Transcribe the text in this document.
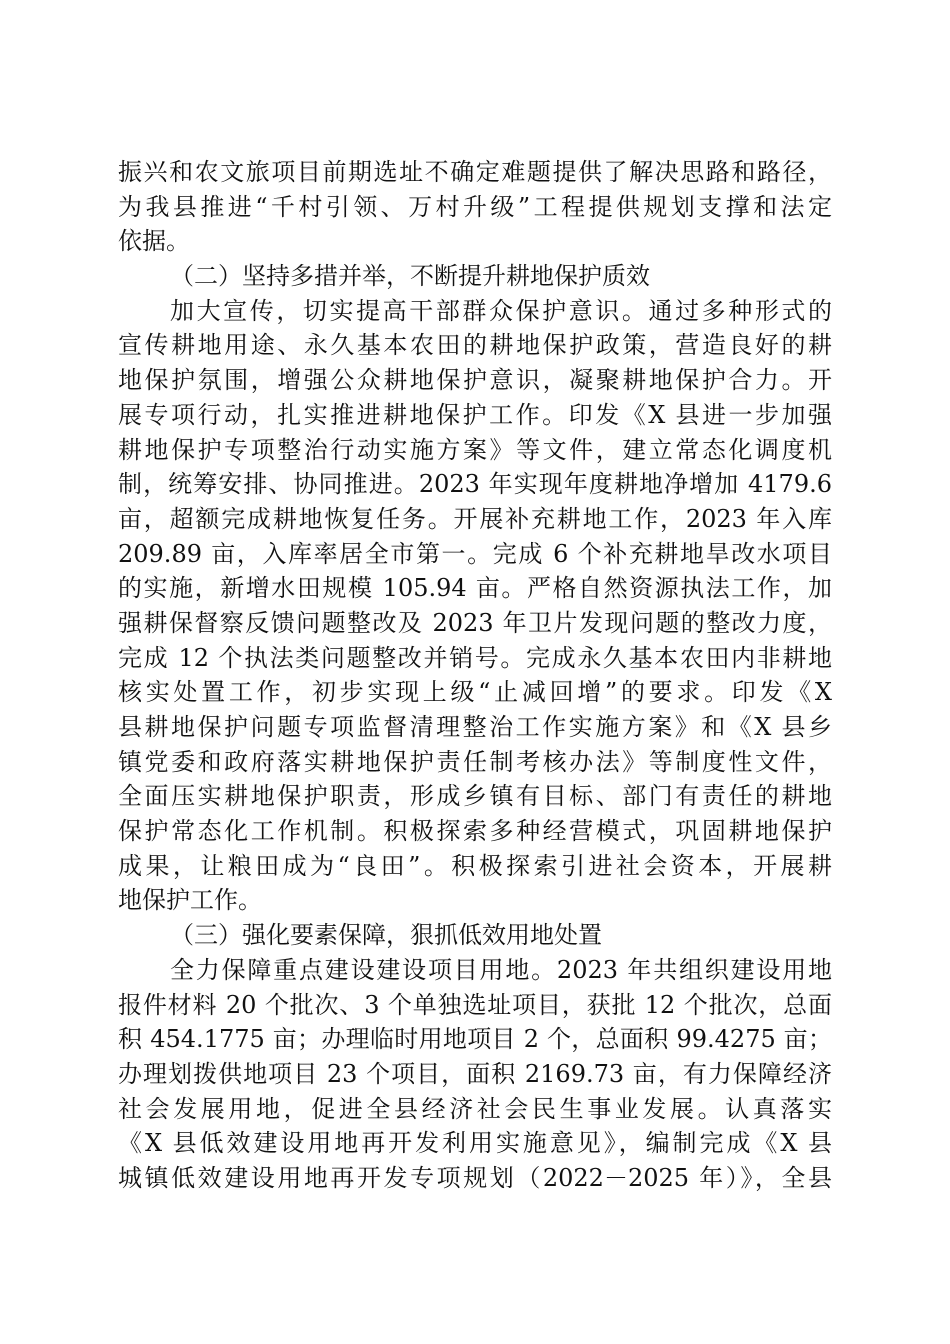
振兴和农文旅项目前期选址不确定难题提供了解决思路和路径，
为我县推进“千村引领、万村升级”工程提供规划支撑和法定
依据。
（二）坚持多措并举，不断提升耕地保护质效
加大宣传，切实提高干部群众保护意识。通过多种形式的
宣传耕地用途、永久基本农田的耕地保护政策，营造良好的耕
地保护氛围，增强公众耕地保护意识，凝聚耕地保护合力。开
展专项行动，扎实推进耕地保护工作。印发《X 县进一步加强
耕地保护专项整治行动实施方案》等文件，建立常态化调度机
制，统筹安排、协同推进。2023 年实现年度耕地净增加 4179.6
亩，超额完成耕地恢复任务。开展补充耕地工作，2023 年入库
209.89 亩，入库率居全市第一。完成 6 个补充耕地旱改水项目
的实施，新增水田规模 105.94 亩。严格自然资源执法工作，加
强耕保督察反馈问题整改及 2023 年卫片发现问题的整改力度，
完成 12 个执法类问题整改并销号。完成永久基本农田内非耕地
核实处置工作，初步实现上级“止减回增”的要求。印发《X
县耕地保护问题专项监督清理整治工作实施方案》和《X 县乡
镇党委和政府落实耕地保护责任制考核办法》等制度性文件，
全面压实耕地保护职责，形成乡镇有目标、部门有责任的耕地
保护常态化工作机制。积极探索多种经营模式，巩固耕地保护
成果，让粮田成为“良田”。积极探索引进社会资本，开展耕
地保护工作。
（三）强化要素保障，狠抓低效用地处置
全力保障重点建设建设项目用地。2023 年共组织建设用地
报件材料 20 个批次、3 个单独选址项目，获批 12 个批次，总面
积 454.1775 亩；办理临时用地项目 2 个，总面积 99.4275 亩；
办理划拨供地项目 23 个项目，面积 2169.73 亩，有力保障经济
社会发展用地，促进全县经济社会民生事业发展。认真落实
《X 县低效建设用地再开发利用实施意见》，编制完成《X 县
城镇低效建设用地再开发专项规划（2022－2025 年）》，全县
